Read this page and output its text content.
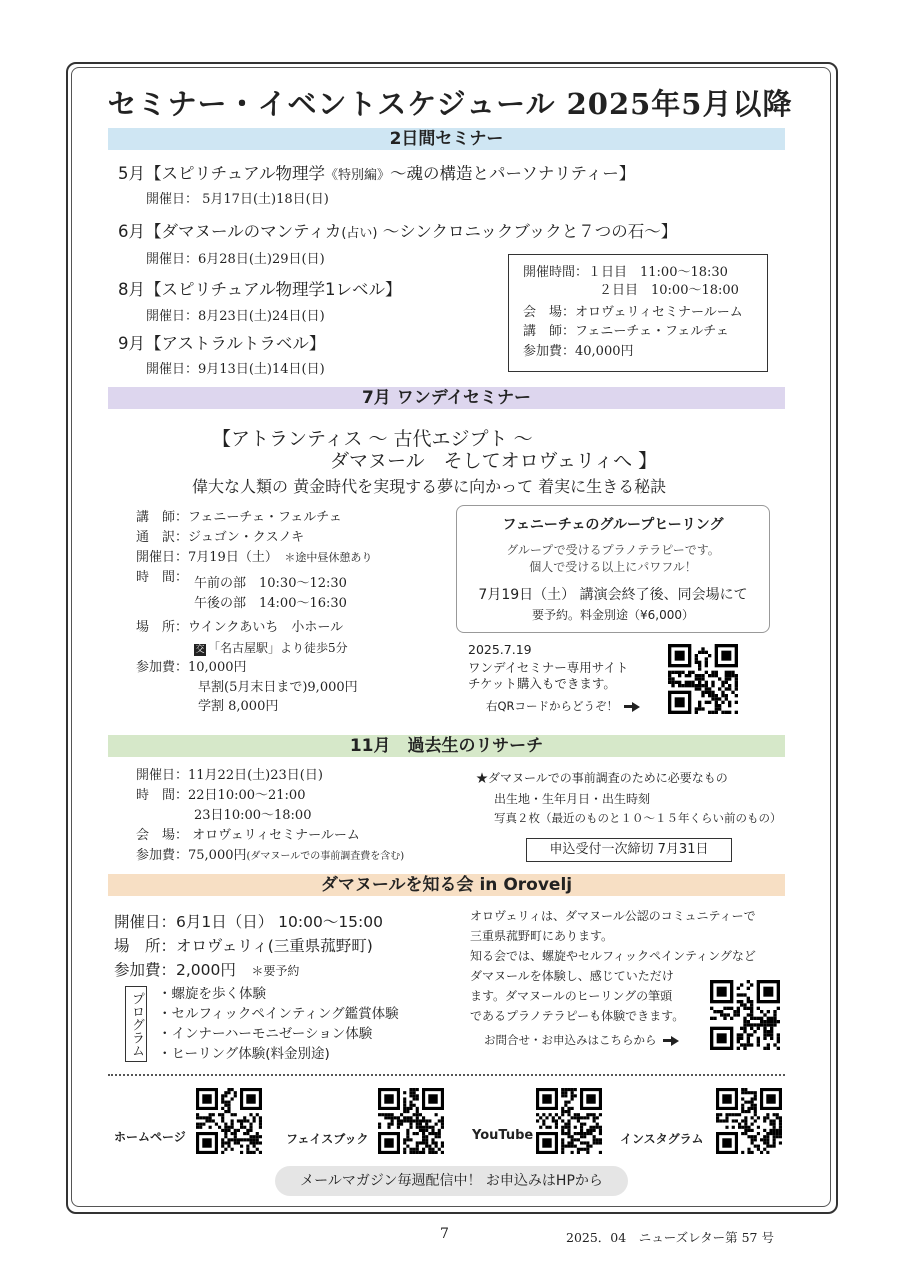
セミナー・イベントスケジュール 2025年5月以降
2日間セミナー
5月【スピリチュアル物理学《特別編》〜魂の構造とパーソナリティー】
開催日： 5月17日(土)18日(日)
6月【ダマヌールのマンティカ(占い) 〜シンクロニックブックと７つの石〜】
開催日：6月28日(土)29日(日)
8月【スピリチュアル物理学1レベル】
開催日：8月23日(土)24日(日)
9月【アストラルトラベル】
開催日：9月13日(土)14日(日)
開催時間：１日目　11:00〜18:30
２日目　10:00〜18:00
会　場：オロヴェリィセミナールーム
講　師：フェニーチェ・フェルチェ
参加費：40,000円
7月 ワンデイセミナー
【アトランティス 〜 古代エジプト 〜
ダマヌール　そしてオロヴェリィへ 】
偉大な人類の 黄金時代を実現する夢に向かって 着実に生きる秘訣
講　師：フェニーチェ・フェルチェ
通　訳：ジュゴン・クスノキ
開催日：7月19日（土）　 ＊途中昼休憩あり
時　間： 午前の部　10:30〜12:30
午後の部　14:00〜16:30
場　所：ウインクあいち　小ホール
交 「名古屋駅」より徒歩5分
参加費：10,000円
早割(5月末日まで)9,000円
学割 8,000円
フェニーチェのグループヒーリング
グループで受けるプラノテラピーです。
個人で受ける以上にパワフル！
7月19日（土） 講演会終了後、同会場にて
要予約。料金別途（¥6,000）
2025.7.19
ワンデイセミナー専用サイト
チケット購入もできます。
右QRコードからどうぞ！
11月　過去生のリサーチ
開催日：11月22日(土)23日(日)
時　間：22日10:00〜21:00
23日10:00〜18:00
会　場： オロヴェリィセミナールーム
参加費：75,000円(ダマヌールでの事前調査費を含む)
★ダマヌールでの事前調査のために必要なもの
出生地・生年月日・出生時刻
写真２枚（最近のものと１０〜１５年くらい前のもの）
申込受付一次締切 7月31日
ダマヌールを知る会 in Orovelj
開催日：6月1日（日） 10:00〜15:00
場　所：オロヴェリィ(三重県菰野町)
参加費：2,000円　 ＊要予約
プログラム ・螺旋を歩く体験
・セルフィックペインティング鑑賞体験
・インナーハーモニゼーション体験
・ヒーリング体験(料金別途)
オロヴェリィは、ダマヌール公認のコミュニティーで
三重県菰野町にあります。
知る会では、螺旋やセルフィックペインティングなど
ダマヌールを体験し、感じていただけ
ます。ダマヌールのヒーリングの筆頭
であるプラノテラピーも体験できます。
お問合せ・お申込みはこちらから
ホームページ	フェイスブック	YouTube	インスタグラム
メールマガジン毎週配信中！ お申込みはHPから
7	2025．04　ニューズレター第 57 号
